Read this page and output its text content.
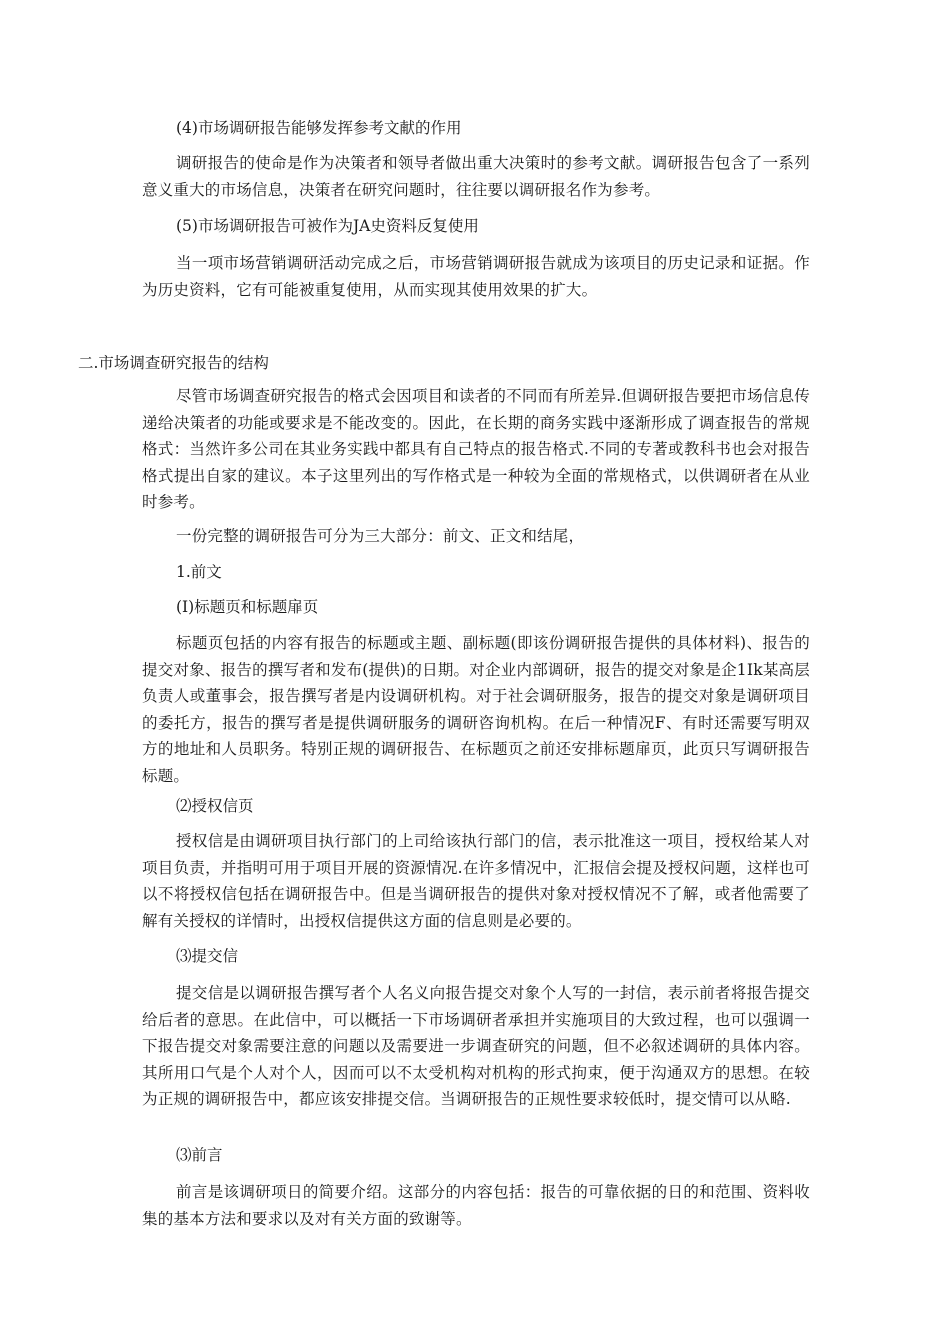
(4)市场调研报告能够发挥参考文献的作用

调研报告的使命是作为决策者和领导者做出重大决策时的参考文献。调研报告包含了一系列意义重大的市场信息，决策者在研究问题时，往往要以调研报名作为参考。

(5)市场调研报告可被作为JA史资料反复使用

当一项市场营销调研活动完成之后，市场营销调研报告就成为该项目的历史记录和证据。作为历史资料，它有可能被重复使用，从而实现其使用效果的扩大。

二.市场调查研究报告的结构

尽管市场调查研究报告的格式会因项目和读者的不同而有所差异.但调研报告要把市场信息传递给决策者的功能或要求是不能改变的。因此，在长期的商务实践中逐渐形成了调查报告的常规格式：当然许多公司在其业务实践中都具有自己特点的报告格式.不同的专著或教科书也会对报告格式提出自家的建议。本子这里列出的写作格式是一种较为全面的常规格式，以供调研者在从业时参考。

一份完整的调研报告可分为三大部分：前文、正文和结尾，

1.前文

(I)标题页和标题扉页

标题页包括的内容有报告的标题或主题、副标题(即该份调研报告提供的具体材料)、报告的提交对象、报告的撰写者和发布(提供)的日期。对企业内部调研，报告的提交对象是企1Ik某高层负责人或董事会，报告撰写者是内设调研机构。对于社会调研服务，报告的提交对象是调研项目的委托方，报告的撰写者是提供调研服务的调研咨询机构。在后一种情况F、有时还需要写明双方的地址和人员职务。特别正规的调研报告、在标题页之前还安排标题扉页，此页只写调研报告标题。

⑵授权信页

授权信是由调研项目执行部门的上司给该执行部门的信，表示批准这一项目，授权给某人对项目负责，并指明可用于项目开展的资源情况.在许多情况中，汇报信会提及授权问题，这样也可以不将授权信包括在调研报告中。但是当调研报告的提供对象对授权情况不了解，或者他需要了解有关授权的详情时，出授权信提供这方面的信息则是必要的。

⑶提交信

提交信是以调研报告撰写者个人名义向报告提交对象个人写的一封信，表示前者将报告提交给后者的意思。在此信中，可以概括一下市场调研者承担并实施项目的大致过程，也可以强调一下报告提交对象需要注意的问题以及需要进一步调查研究的问题，但不必叙述调研的具体内容。其所用口气是个人对个人，因而可以不太受机构对机构的形式拘束，便于沟通双方的思想。在较为正规的调研报告中，都应该安排提交信。当调研报告的正规性要求较低时，提交情可以从略.

⑶前言

前言是该调研项日的简要介绍。这部分的内容包括：报告的可靠依据的日的和范围、资料收集的基本方法和要求以及对有关方面的致谢等。
